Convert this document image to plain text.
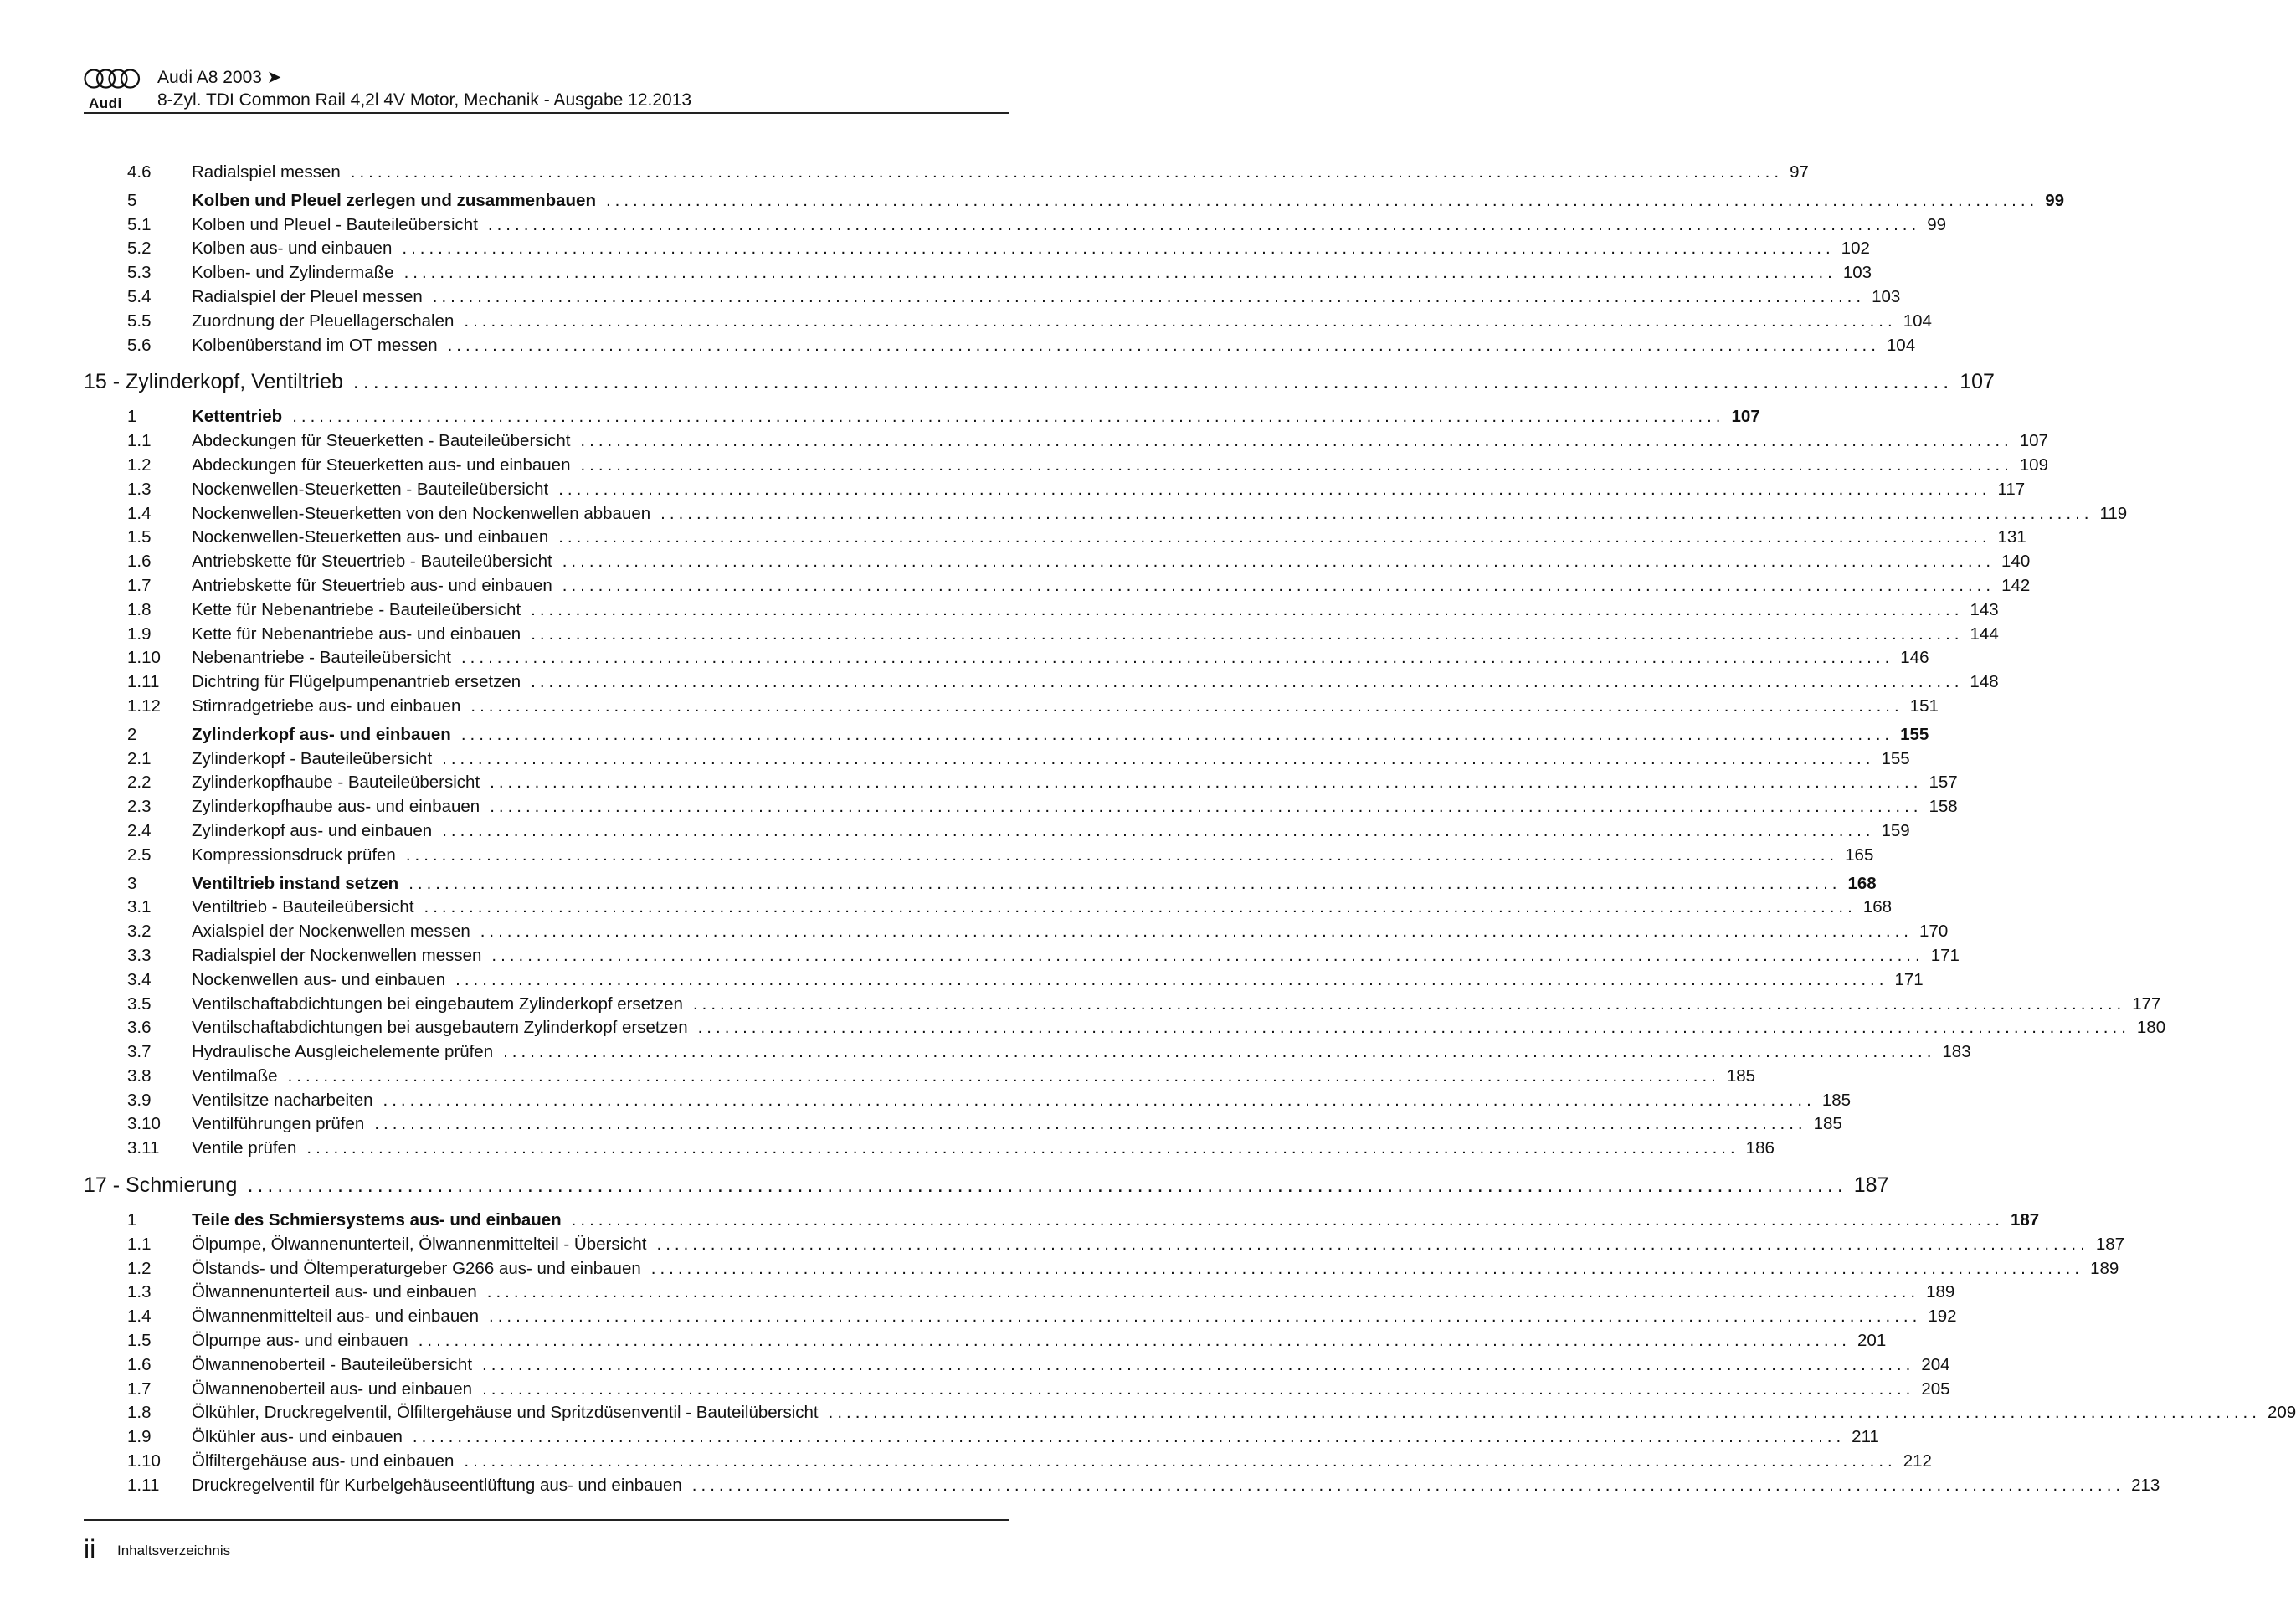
Audi
Audi A8 2003 ➤
8-Zyl. TDI Common Rail 4,2l 4V Motor, Mechanik - Ausgabe 12.2013
4.6 Radialspiel messen ................................................................................................................................................................ 97
5	Kolben und Pleuel zerlegen und zusammenbauen ................................................................................................................................................................ 99
5.1 Kolben und Pleuel - Bauteileübersicht ................................................................................................................................................................ 99
5.2 Kolben aus- und einbauen ................................................................................................................................................................ 102
5.3 Kolben- und Zylindermaße ................................................................................................................................................................ 103
5.4 Radialspiel der Pleuel messen ................................................................................................................................................................ 103
5.5 Zuordnung der Pleuellagerschalen ................................................................................................................................................................ 104
5.6 Kolbenüberstand im OT messen ................................................................................................................................................................ 104
15 - Zylinderkopf, Ventiltrieb ................................................................................................................................................................ 107
1	Kettentrieb ................................................................................................................................................................ 107
1.1 Abdeckungen für Steuerketten - Bauteileübersicht ................................................................................................................................................................ 107
1.2 Abdeckungen für Steuerketten aus- und einbauen ................................................................................................................................................................ 109
1.3 Nockenwellen-Steuerketten - Bauteileübersicht ................................................................................................................................................................ 117
1.4 Nockenwellen-Steuerketten von den Nockenwellen abbauen ................................................................................................................................................................ 119
1.5 Nockenwellen-Steuerketten aus- und einbauen ................................................................................................................................................................ 131
1.6 Antriebskette für Steuertrieb - Bauteileübersicht ................................................................................................................................................................ 140
1.7 Antriebskette für Steuertrieb aus- und einbauen ................................................................................................................................................................ 142
1.8 Kette für Nebenantriebe - Bauteileübersicht ................................................................................................................................................................ 143
1.9 Kette für Nebenantriebe aus- und einbauen ................................................................................................................................................................ 144
1.10 Nebenantriebe - Bauteileübersicht ................................................................................................................................................................ 146
1.11 Dichtring für Flügelpumpenantrieb ersetzen ................................................................................................................................................................ 148
1.12 Stirnradgetriebe aus- und einbauen ................................................................................................................................................................ 151
2	Zylinderkopf aus- und einbauen ................................................................................................................................................................ 155
2.1 Zylinderkopf - Bauteileübersicht ................................................................................................................................................................ 155
2.2 Zylinderkopfhaube - Bauteileübersicht ................................................................................................................................................................ 157
2.3 Zylinderkopfhaube aus- und einbauen ................................................................................................................................................................ 158
2.4 Zylinderkopf aus- und einbauen ................................................................................................................................................................ 159
2.5 Kompressionsdruck prüfen ................................................................................................................................................................ 165
3	Ventiltrieb instand setzen ................................................................................................................................................................ 168
3.1 Ventiltrieb - Bauteileübersicht ................................................................................................................................................................ 168
3.2 Axialspiel der Nockenwellen messen ................................................................................................................................................................ 170
3.3 Radialspiel der Nockenwellen messen ................................................................................................................................................................ 171
3.4 Nockenwellen aus- und einbauen ................................................................................................................................................................ 171
3.5 Ventilschaftabdichtungen bei eingebautem Zylinderkopf ersetzen ................................................................................................................................................................ 177
3.6 Ventilschaftabdichtungen bei ausgebautem Zylinderkopf ersetzen ................................................................................................................................................................ 180
3.7 Hydraulische Ausgleichelemente prüfen ................................................................................................................................................................ 183
3.8 Ventilmaße ................................................................................................................................................................ 185
3.9 Ventilsitze nacharbeiten ................................................................................................................................................................ 185
3.10 Ventilführungen prüfen ................................................................................................................................................................ 185
3.11 Ventile prüfen ................................................................................................................................................................ 186
17 - Schmierung ................................................................................................................................................................ 187
1	Teile des Schmiersystems aus- und einbauen ................................................................................................................................................................ 187
1.1 Ölpumpe, Ölwannenunterteil, Ölwannenmittelteil - Übersicht ................................................................................................................................................................ 187
1.2 Ölstands- und Öltemperaturgeber G266 aus- und einbauen ................................................................................................................................................................ 189
1.3 Ölwannenunterteil aus- und einbauen ................................................................................................................................................................ 189
1.4 Ölwannenmittelteil aus- und einbauen ................................................................................................................................................................ 192
1.5 Ölpumpe aus- und einbauen ................................................................................................................................................................ 201
1.6 Ölwannenoberteil - Bauteileübersicht ................................................................................................................................................................ 204
1.7 Ölwannenoberteil aus- und einbauen ................................................................................................................................................................ 205
1.8 Ölkühler, Druckregelventil, Ölfiltergehäuse und Spritzdüsenventil - Bauteilübersicht ................................................................................................................................................................ 209
1.9 Ölkühler aus- und einbauen ................................................................................................................................................................ 211
1.10 Ölfiltergehäuse aus- und einbauen ................................................................................................................................................................ 212
1.11 Druckregelventil für Kurbelgehäuseentlüftung aus- und einbauen ................................................................................................................................................................ 213
ii Inhaltsverzeichnis
